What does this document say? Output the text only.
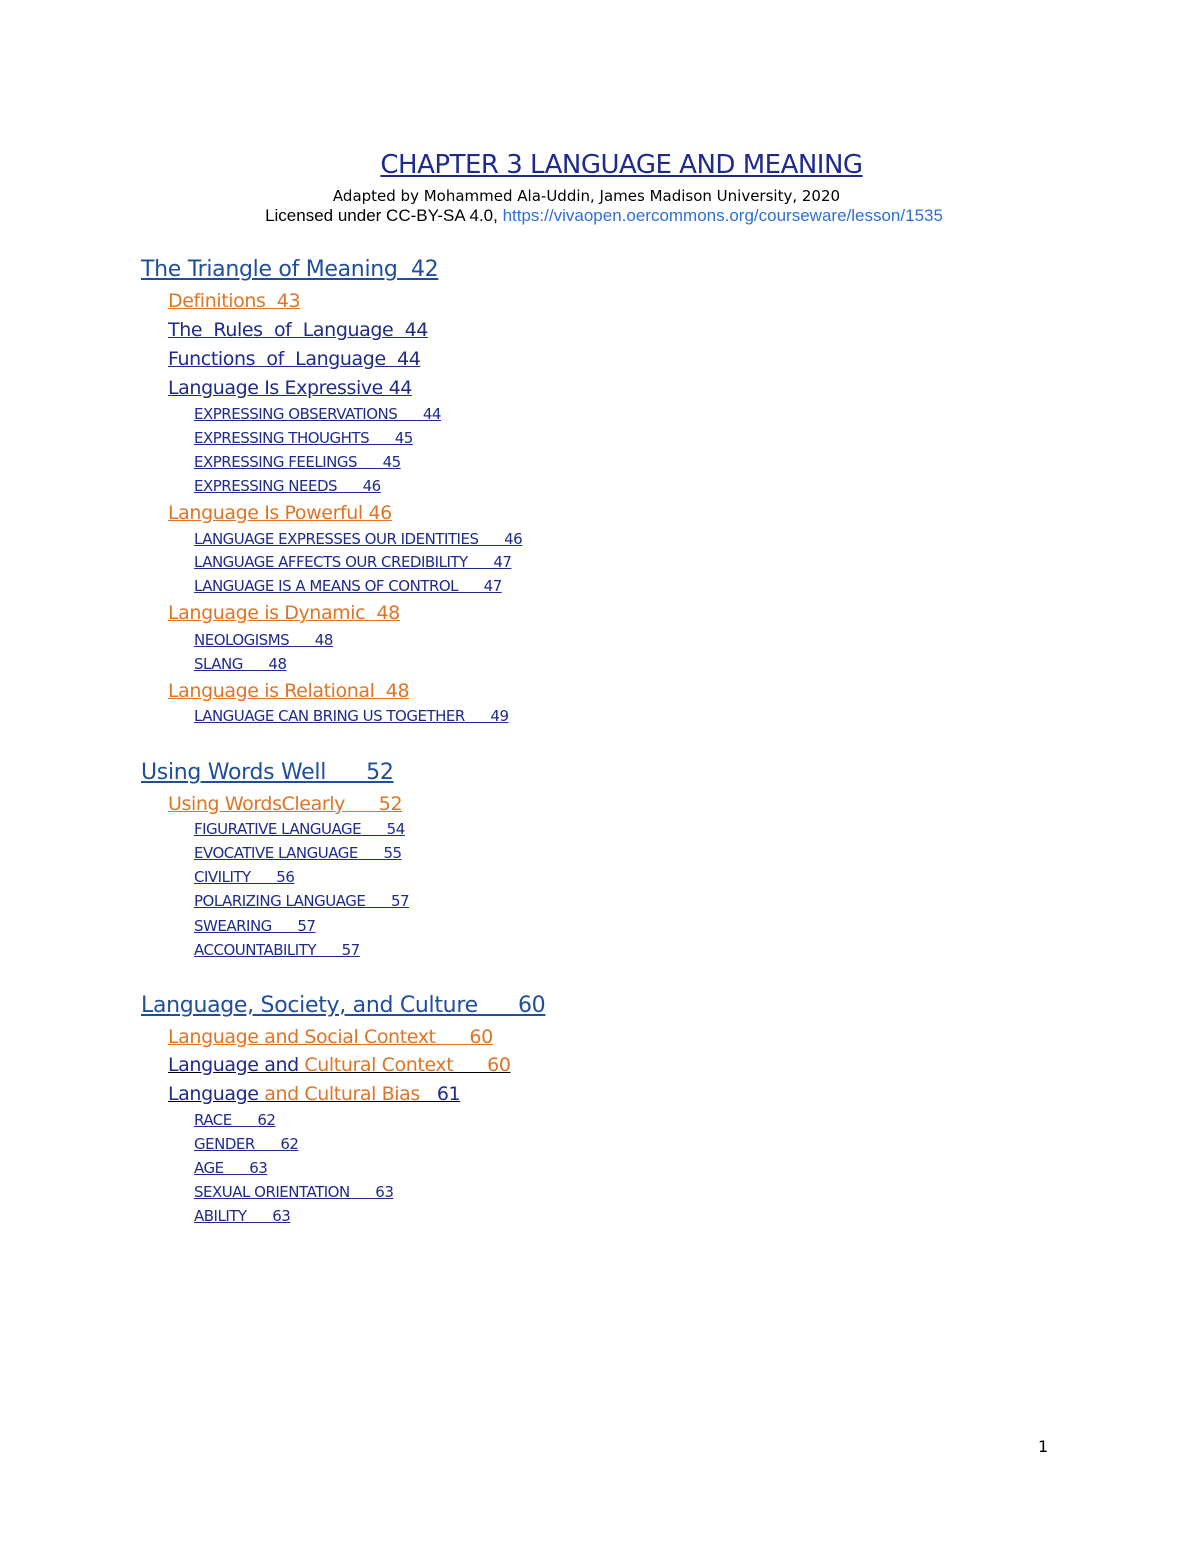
CHAPTER 3 LANGUAGE AND MEANING
Adapted by Mohammed Ala-Uddin, James Madison University, 2020
Licensed under CC-BY-SA 4.0, https://vivaopen.oercommons.org/courseware/lesson/1535
The Triangle of Meaning  42
Definitions  43
The  Rules  of  Language  44
Functions  of  Language  44
Language Is Expressive 44
EXPRESSING OBSERVATIONS      44
EXPRESSING THOUGHTS      45
EXPRESSING FEELINGS      45
EXPRESSING NEEDS      46
Language Is Powerful 46
LANGUAGE EXPRESSES OUR IDENTITIES      46
LANGUAGE AFFECTS OUR CREDIBILITY      47
LANGUAGE IS A MEANS OF CONTROL      47
Language is Dynamic  48
NEOLOGISMS      48
SLANG      48
Language is Relational  48
LANGUAGE CAN BRING US TOGETHER      49
Using Words Well      52
Using WordsClearly      52
FIGURATIVE LANGUAGE      54
EVOCATIVE LANGUAGE      55
CIVILITY      56
POLARIZING LANGUAGE      57
SWEARING      57
ACCOUNTABILITY      57
Language, Society, and Culture      60
Language and Social Context      60
Language and Cultural Context      60
Language and Cultural Bias   61
RACE      62
GENDER      62
AGE      63
SEXUAL ORIENTATION      63
ABILITY      63
1
